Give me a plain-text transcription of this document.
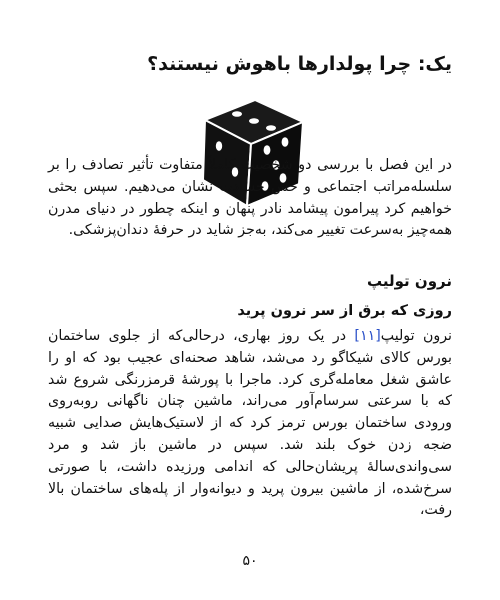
یک: چرا پولدارها باهوش نیستند؟

در این فصل با بررسی دو شخصیت کاملاً متفاوت تأثیر تصادف را بر سلسله‌مراتب اجتماعی و حس حسادت نشان می‌دهیم. سپس بحثی خواهیم کرد پیرامون پیشامد نادر پنهان و اینکه چطور در دنیای مدرن همه‌چیز به‌سرعت تغییر می‌کند، به‌جز شاید در حرفهٔ دندان‌پزشکی.

نرون تولیپ
روزی که برق از سر نرون پرید

نرون تولیپ[۱۱] در یک روز بهاری، درحالی‌که از جلوی ساختمان بورس کالای شیکاگو رد می‌شد، شاهد صحنه‌ای عجیب بود که او را عاشق شغل معامله‌گری کرد. ماجرا با پورشهٔ قرمزرنگی شروع شد که با سرعتی سرسام‌آور می‌راند، ماشین چنان ناگهانی روبه‌روی ورودی ساختمان بورس ترمز کرد که از لاستیک‌هایش صدایی شبیه ضجه زدن خوک بلند شد. سپس در ماشین باز شد و مرد سی‌واندی‌ساله‌ٔ پریشان‌حالی که اندامی ورزیده داشت، با صورتی سرخ‌شده، از ماشین بیرون پرید و دیوانه‌وار از پله‌های ساختمان بالا رفت،

۵۰
